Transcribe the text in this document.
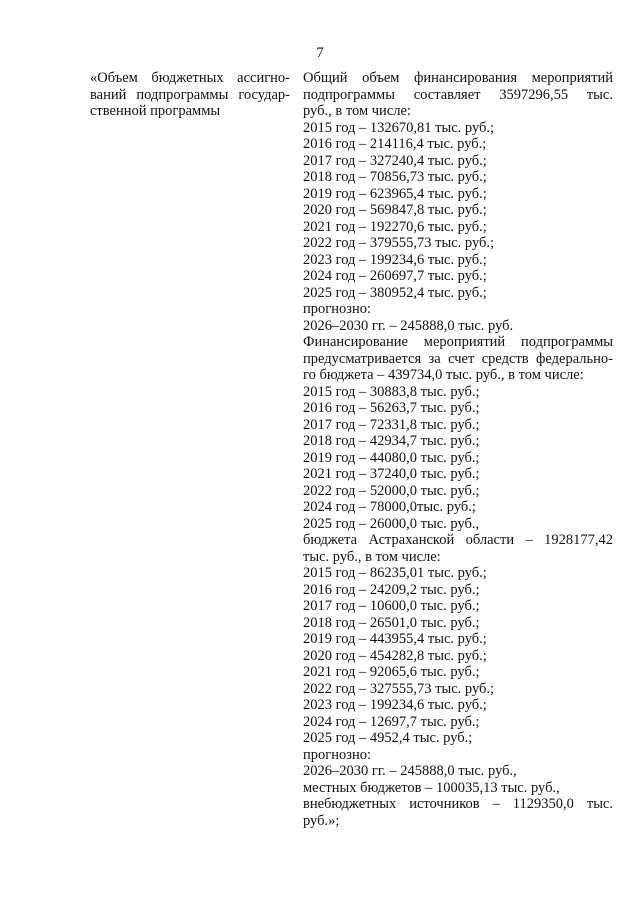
7
«Объем бюджетных ассигно-
ваний подпрограммы государ-
ственной программы
Общий объем финансирования мероприятий
подпрограммы составляет 3597296,55 тыс.
руб., в том числе:
2015 год – 132670,81 тыс. руб.;
2016 год – 214116,4 тыс. руб.;
2017 год – 327240,4 тыс. руб.;
2018 год – 70856,73 тыс. руб.;
2019 год – 623965,4 тыс. руб.;
2020 год – 569847,8 тыс. руб.;
2021 год – 192270,6 тыс. руб.;
2022 год – 379555,73 тыс. руб.;
2023 год – 199234,6 тыс. руб.;
2024 год – 260697,7 тыс. руб.;
2025 год – 380952,4 тыс. руб.;
прогнозно:
2026–2030 гг. – 245888,0 тыс. руб.
Финансирование мероприятий подпрограммы
предусматривается за счет средств федерально-
го бюджета – 439734,0 тыс. руб., в том числе:
2015 год – 30883,8 тыс. руб.;
2016 год – 56263,7 тыс. руб.;
2017 год – 72331,8 тыс. руб.;
2018 год – 42934,7 тыс. руб.;
2019 год – 44080,0 тыс. руб.;
2021 год – 37240,0 тыс. руб.;
2022 год – 52000,0 тыс. руб.;
2024 год – 78000,0тыс. руб.;
2025 год – 26000,0 тыс. руб.,
бюджета Астраханской области – 1928177,42
тыс. руб., в том числе:
2015 год – 86235,01 тыс. руб.;
2016 год – 24209,2 тыс. руб.;
2017 год – 10600,0 тыс. руб.;
2018 год – 26501,0 тыс. руб.;
2019 год – 443955,4 тыс. руб.;
2020 год – 454282,8 тыс. руб.;
2021 год – 92065,6 тыс. руб.;
2022 год – 327555,73 тыс. руб.;
2023 год – 199234,6 тыс. руб.;
2024 год – 12697,7 тыс. руб.;
2025 год – 4952,4 тыс. руб.;
прогнозно:
2026–2030 гг. – 245888,0 тыс. руб.,
местных бюджетов – 100035,13 тыс. руб.,
внебюджетных источников – 1129350,0 тыс.
руб.»;
